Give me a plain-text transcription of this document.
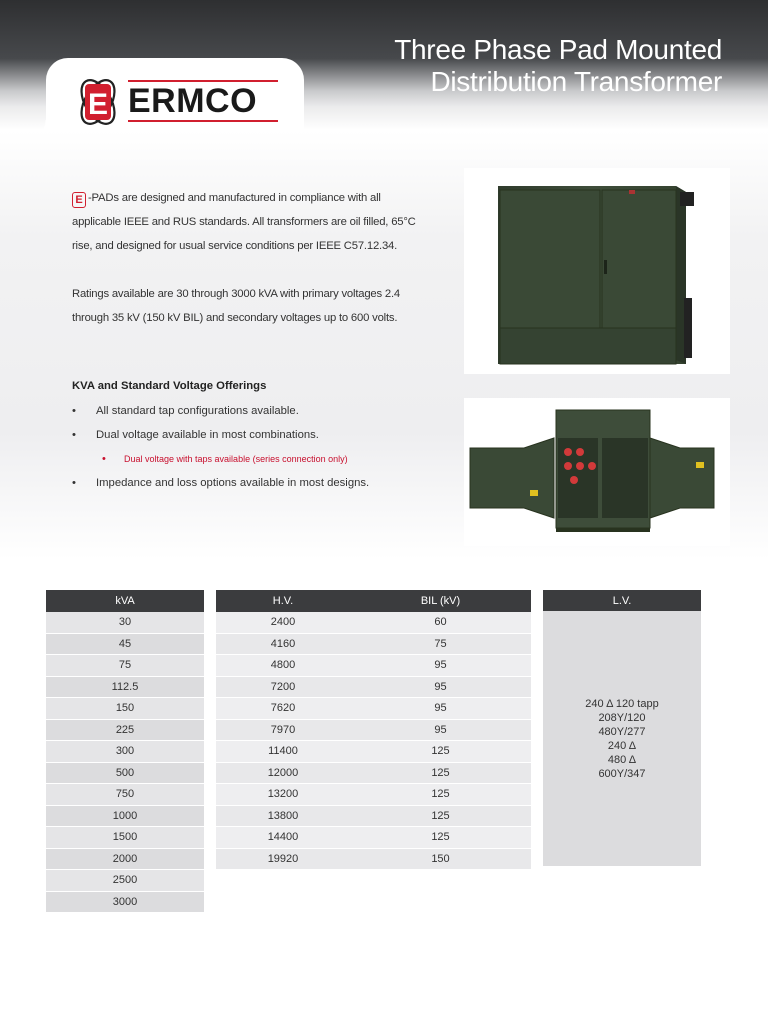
Three Phase Pad Mounted
Distribution Transformer
E ERMCO

E -PADs are designed and manufactured in compliance with all applicable IEEE and RUS standards. All transformers are oil filled, 65°C rise, and designed for usual service conditions per IEEE C57.12.34.

Ratings available are 30 through 3000 kVA with primary voltages 2.4 through 35 kV (150 kV BIL) and secondary voltages up to 600 volts.

KVA and Standard Voltage Offerings
• All standard tap configurations available.
• Dual voltage available in most combinations.
• Dual voltage with taps available (series connection only)
• Impedance and loss options available in most designs.
kVA
30
45
75
112.5
150
225
300
500
750
1000
1500
2000
2500
3000
H.V.	BIL (kV)
2400	60
4160	75
4800	95
7200	95
7620	95
7970	95
11400	125
12000	125
13200	125
13800	125
14400	125
19920	150
L.V.
240 Δ 120 tapp
208Y/120
480Y/277
240 Δ
480 Δ
600Y/347
